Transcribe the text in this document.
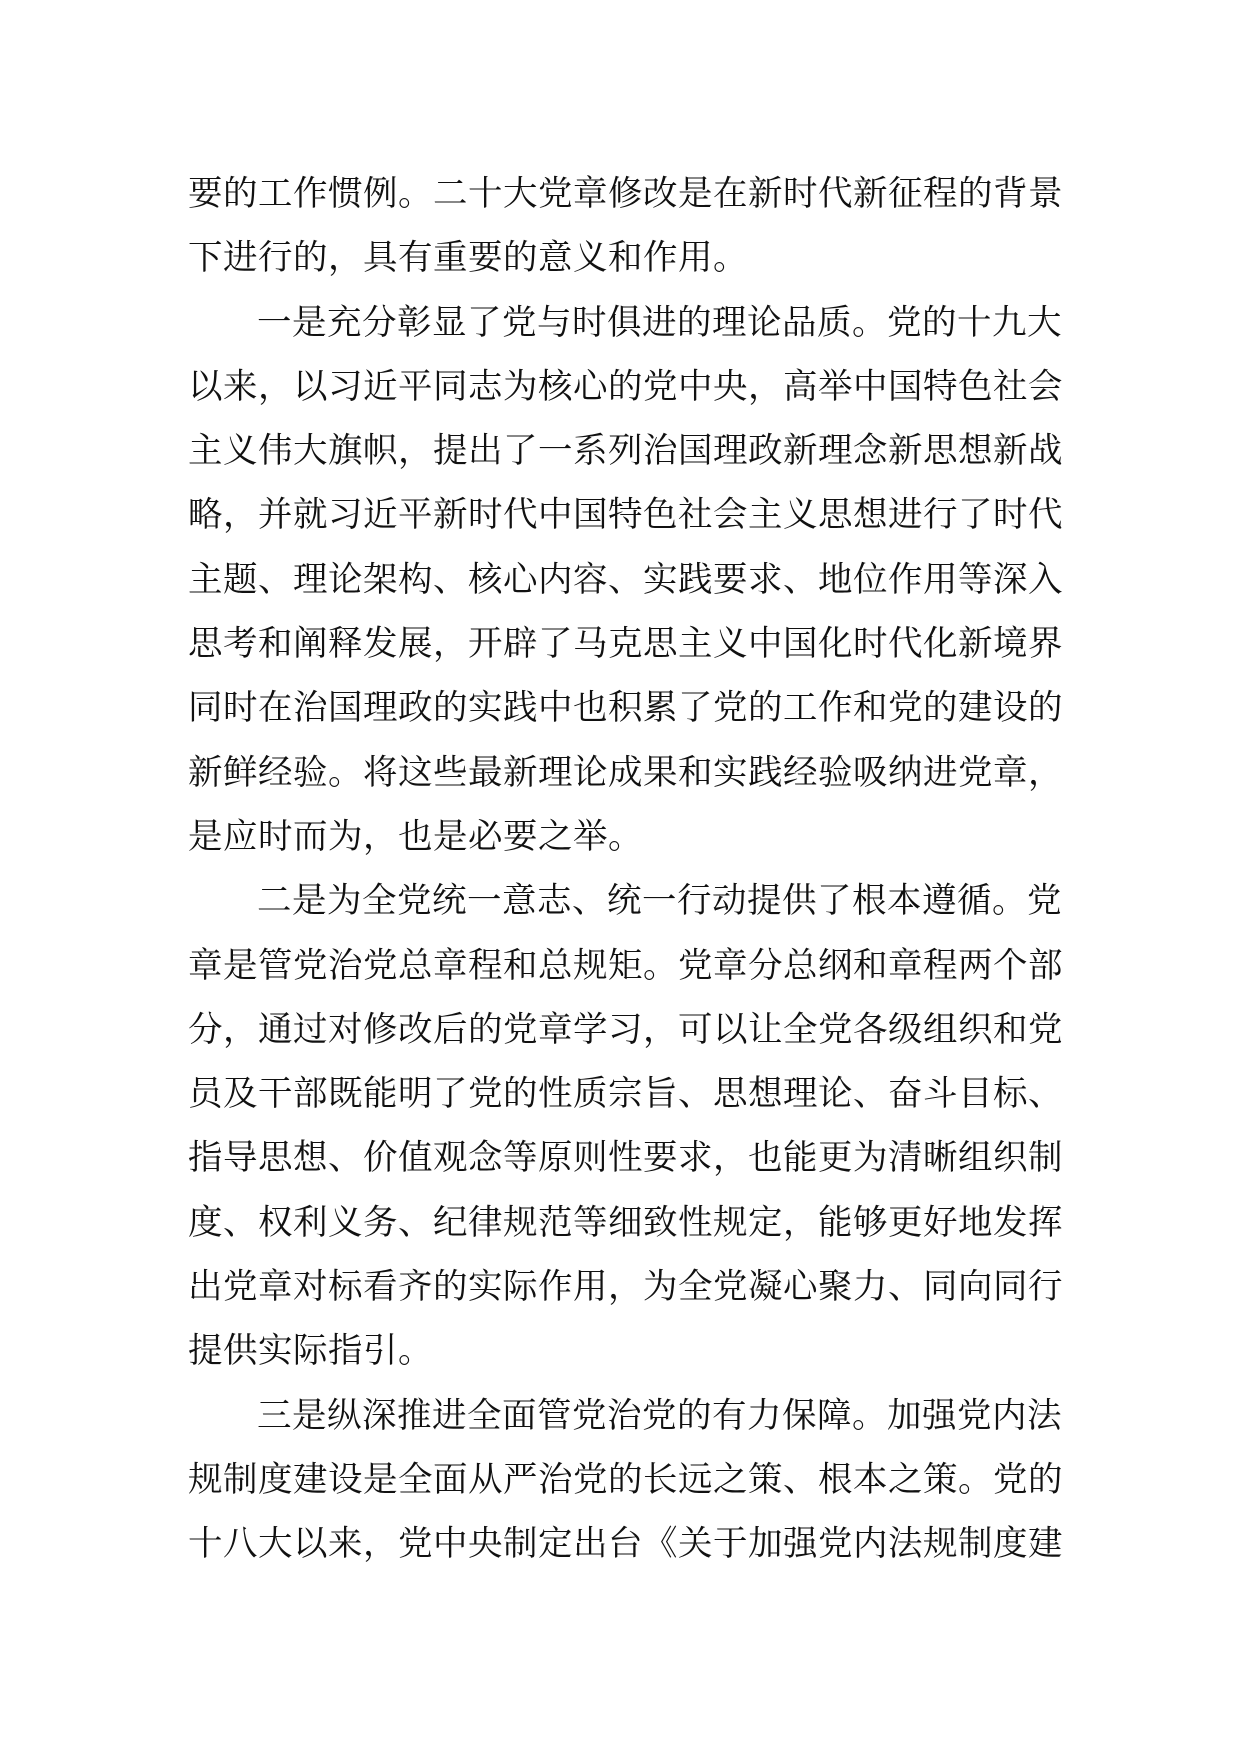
要的工作惯例。二十大党章修改是在新时代新征程的背景
下进行的，具有重要的意义和作用。
一是充分彰显了党与时俱进的理论品质。党的十九大
以来，以习近平同志为核心的党中央，高举中国特色社会
主义伟大旗帜，提出了一系列治国理政新理念新思想新战
略，并就习近平新时代中国特色社会主义思想进行了时代
主题、理论架构、核心内容、实践要求、地位作用等深入
思考和阐释发展，开辟了马克思主义中国化时代化新境界
同时在治国理政的实践中也积累了党的工作和党的建设的
新鲜经验。将这些最新理论成果和实践经验吸纳进党章，
是应时而为，也是必要之举。
二是为全党统一意志、统一行动提供了根本遵循。党
章是管党治党总章程和总规矩。党章分总纲和章程两个部
分，通过对修改后的党章学习，可以让全党各级组织和党
员及干部既能明了党的性质宗旨、思想理论、奋斗目标、
指导思想、价值观念等原则性要求，也能更为清晰组织制
度、权利义务、纪律规范等细致性规定，能够更好地发挥
出党章对标看齐的实际作用，为全党凝心聚力、同向同行
提供实际指引。
三是纵深推进全面管党治党的有力保障。加强党内法
规制度建设是全面从严治党的长远之策、根本之策。党的
十八大以来，党中央制定出台《关于加强党内法规制度建
